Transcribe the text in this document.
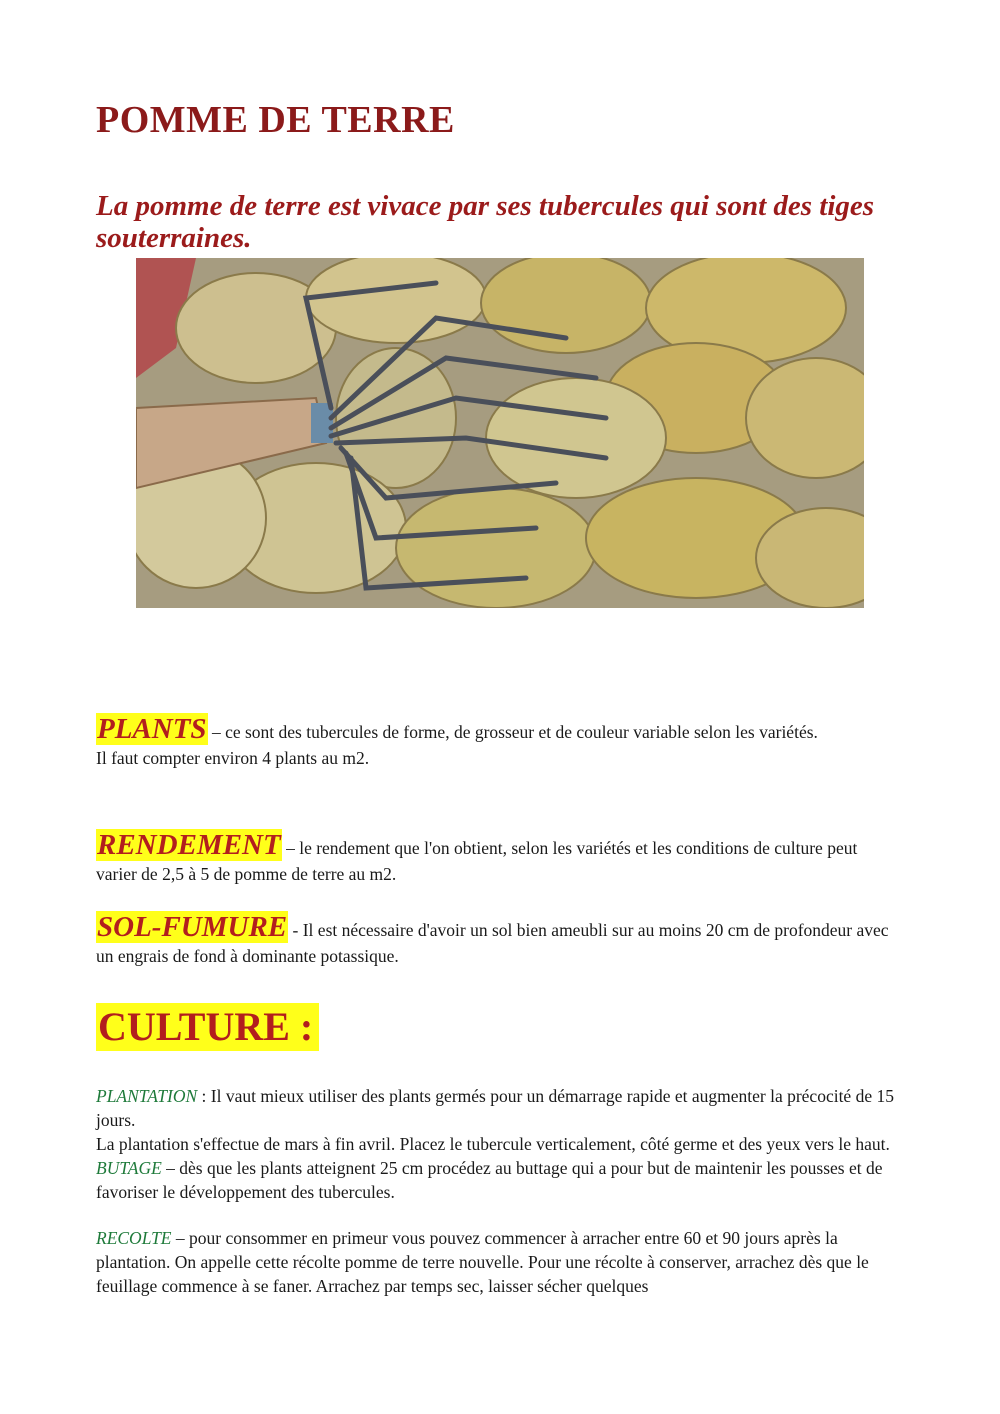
POMME DE TERRE

La pomme de terre est vivace par ses tubercules qui sont des tiges souterraines.

PLANTS – ce sont des tubercules de forme, de grosseur et de couleur variable selon les variétés.

Il faut compter environ 4 plants au m2.

RENDEMENT – le rendement que l'on obtient, selon les variétés et les conditions de culture peut varier de 2,5 à 5 de pomme de terre au m2.

SOL-FUMURE - Il est nécessaire d'avoir un sol bien ameubli sur au moins 20 cm de profondeur avec un engrais de fond à dominante potassique.

CULTURE :

PLANTATION : Il vaut mieux utiliser des plants germés pour un démarrage rapide et augmenter la précocité de 15 jours.

La plantation s'effectue de mars à fin avril. Placez le tubercule verticalement, côté germe et des yeux vers le haut.

BUTAGE – dès que les plants atteignent 25 cm procédez au buttage qui a pour but de maintenir les pousses et de favoriser le développement des tubercules.

RECOLTE – pour consommer en primeur vous pouvez commencer à arracher entre 60 et 90 jours après la plantation. On appelle cette récolte pomme de terre nouvelle. Pour une récolte à conserver, arrachez dès que le feuillage commence à se faner. Arrachez par temps sec, laisser sécher quelques
